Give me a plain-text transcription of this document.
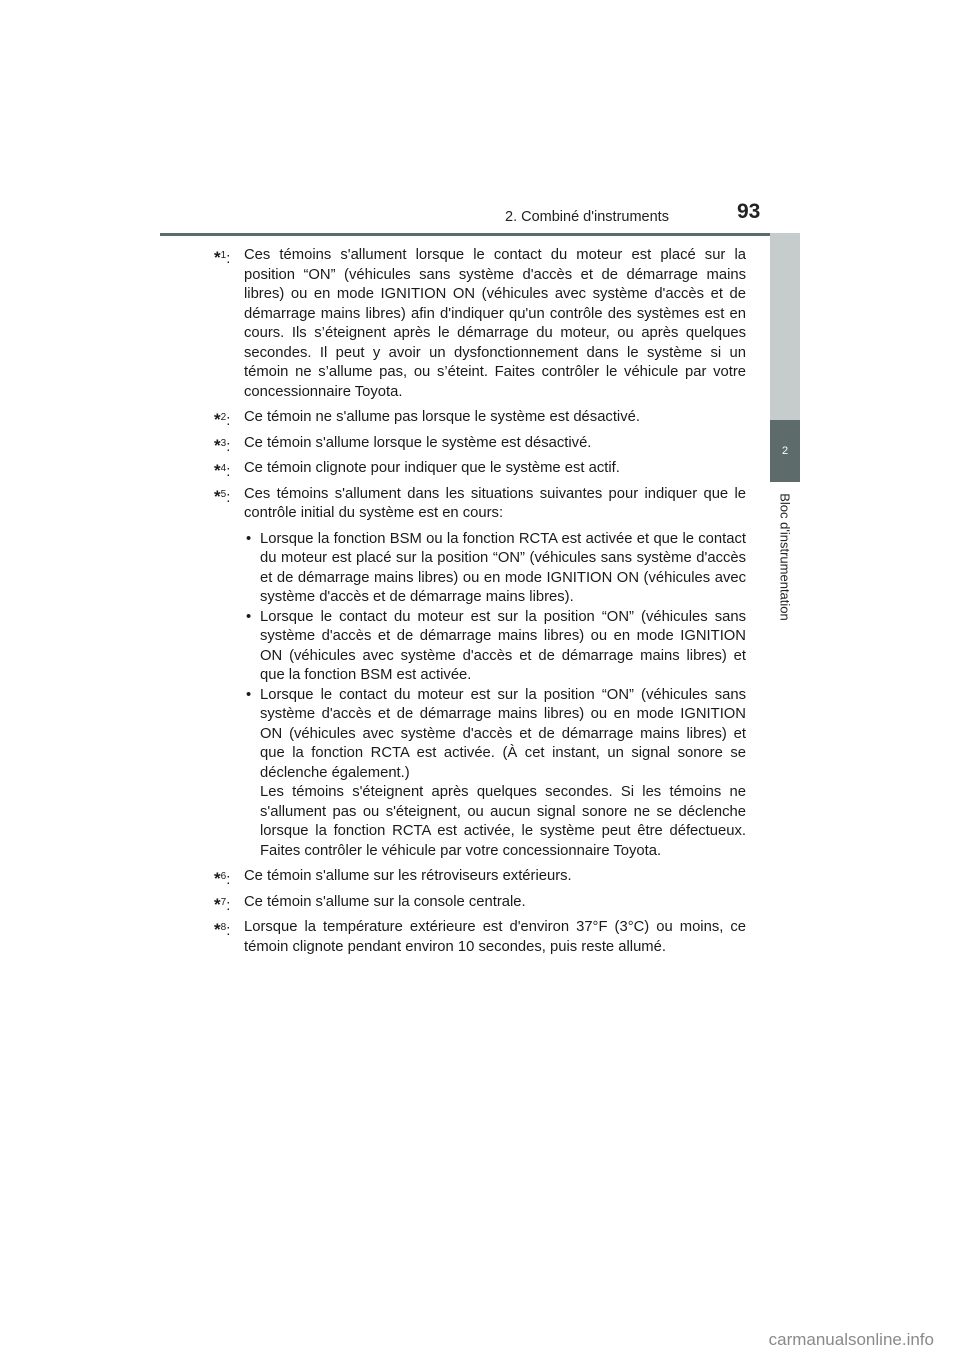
2. Combiné d'instruments	93
2
Bloc d'instrumentation
*$^1$: Ces témoins s'allument lorsque le contact du moteur est placé sur la position “ON” (véhicules sans système d'accès et de démarrage mains libres) ou en mode IGNITION ON (véhicules avec système d'accès et de démarrage mains libres) afin d'indiquer qu'un contrôle des systèmes est en cours. Ils s’éteignent après le démarrage du moteur, ou après quelques secondes. Il peut y avoir un dysfonctionnement dans le système si un témoin ne s’allume pas, ou s’éteint. Faites contrôler le véhicule par votre concessionnaire Toyota.
*$^2$: Ce témoin ne s'allume pas lorsque le système est désactivé.
*$^3$: Ce témoin s'allume lorsque le système est désactivé.
*$^4$: Ce témoin clignote pour indiquer que le système est actif.
*$^5$: Ces témoins s'allument dans les situations suivantes pour indiquer que le contrôle initial du système est en cours:
• Lorsque la fonction BSM ou la fonction RCTA est activée et que le contact du moteur est placé sur la position “ON” (véhicules sans système d'accès et de démarrage mains libres) ou en mode IGNITION ON (véhicules avec système d'accès et de démarrage mains libres).
• Lorsque le contact du moteur est sur la position “ON” (véhicules sans système d'accès et de démarrage mains libres) ou en mode IGNITION ON (véhicules avec système d'accès et de démarrage mains libres) et que la fonction BSM est activée.
• Lorsque le contact du moteur est sur la position “ON” (véhicules sans système d'accès et de démarrage mains libres) ou en mode IGNITION ON (véhicules avec système d'accès et de démarrage mains libres) et que la fonction RCTA est activée. (À cet instant, un signal sonore se déclenche également.)
Les témoins s'éteignent après quelques secondes. Si les témoins ne s'allument pas ou s'éteignent, ou aucun signal sonore ne se déclenche lorsque la fonction RCTA est activée, le système peut être défectueux. Faites contrôler le véhicule par votre concessionnaire Toyota.
*$^6$: Ce témoin s'allume sur les rétroviseurs extérieurs.
*$^7$: Ce témoin s'allume sur la console centrale.
*$^8$: Lorsque la température extérieure est d'environ 37°F (3°C) ou moins, ce témoin clignote pendant environ 10 secondes, puis reste allumé.
carmanualsonline.info
